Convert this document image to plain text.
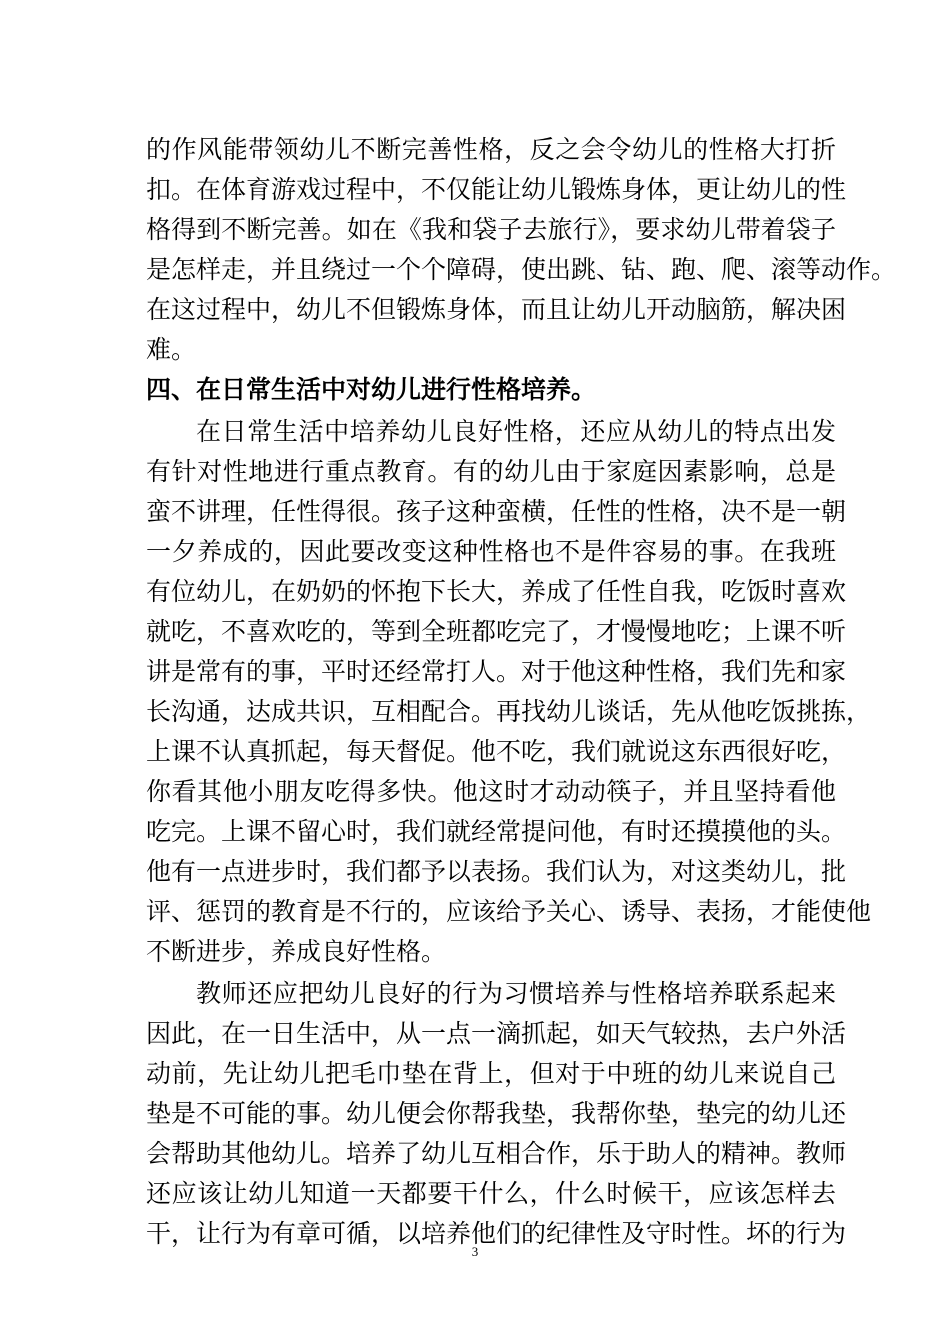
的作风能带领幼儿不断完善性格，反之会令幼儿的性格大打折
扣。在体育游戏过程中，不仅能让幼儿锻炼身体，更让幼儿的性
格得到不断完善。如在《我和袋子去旅行》，要求幼儿带着袋子
是怎样走，并且绕过一个个障碍，使出跳、钻、跑、爬、滚等动作。
在这过程中，幼儿不但锻炼身体，而且让幼儿开动脑筋，解决困
难。
四、在日常生活中对幼儿进行性格培养。
在日常生活中培养幼儿良好性格，还应从幼儿的特点出发
有针对性地进行重点教育。有的幼儿由于家庭因素影响，总是
蛮不讲理，任性得很。孩子这种蛮横，任性的性格，决不是一朝
一夕养成的，因此要改变这种性格也不是件容易的事。在我班
有位幼儿，在奶奶的怀抱下长大，养成了任性自我，吃饭时喜欢
就吃，不喜欢吃的，等到全班都吃完了，才慢慢地吃；上课不听
讲是常有的事，平时还经常打人。对于他这种性格，我们先和家
长沟通，达成共识，互相配合。再找幼儿谈话，先从他吃饭挑拣，
上课不认真抓起，每天督促。他不吃，我们就说这东西很好吃，
你看其他小朋友吃得多快。他这时才动动筷子，并且坚持看他
吃完。上课不留心时，我们就经常提问他，有时还摸摸他的头。
他有一点进步时，我们都予以表扬。我们认为，对这类幼儿，批
评、惩罚的教育是不行的，应该给予关心、诱导、表扬，才能使他
不断进步，养成良好性格。
教师还应把幼儿良好的行为习惯培养与性格培养联系起来
因此，在一日生活中，从一点一滴抓起，如天气较热，去户外活
动前，先让幼儿把毛巾垫在背上，但对于中班的幼儿来说自己
垫是不可能的事。幼儿便会你帮我垫，我帮你垫，垫完的幼儿还
会帮助其他幼儿。培养了幼儿互相合作，乐于助人的精神。教师
还应该让幼儿知道一天都要干什么，什么时候干，应该怎样去
干，让行为有章可循，以培养他们的纪律性及守时性。坏的行为
3
